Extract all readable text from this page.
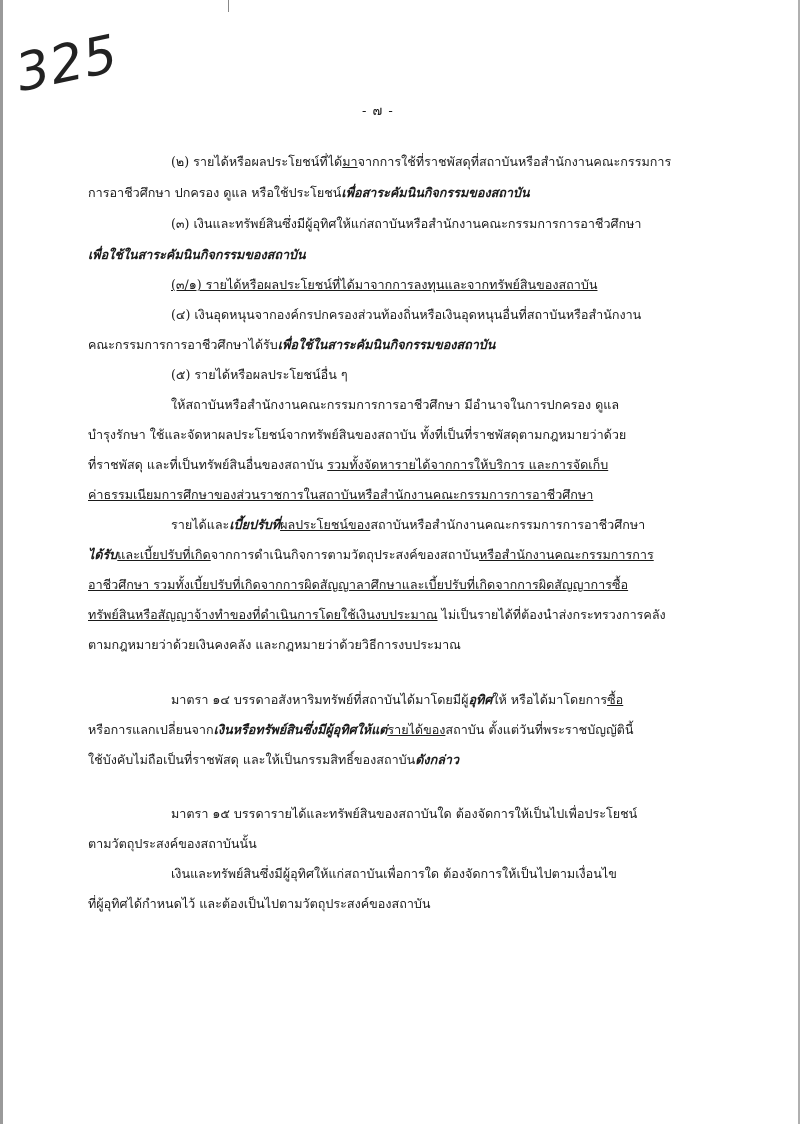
325
- ๗ -
(๒) รายได้หรือผลประโยชน์ที่ได้มาจากการใช้ที่ราชพัสดุที่สถาบันหรือสำนักงานคณะกรรมการ
การอาชีวศึกษา ปกครอง ดูแล หรือใช้ประโยชน์เพื่อสาระคัมนินกิจกรรมของสถาบัน
(๓) เงินและทรัพย์สินซึ่งมีผู้อุทิศให้แก่สถาบันหรือสำนักงานคณะกรรมการการอาชีวศึกษา
เพื่อใช้ในสาระคัมนินกิจกรรมของสถาบัน
(๓/๑) รายได้หรือผลประโยชน์ที่ได้มาจากการลงทุนและจากทรัพย์สินของสถาบัน
(๔) เงินอุดหนุนจากองค์กรปกครองส่วนท้องถิ่นหรือเงินอุดหนุนอื่นที่สถาบันหรือสำนักงาน
คณะกรรมการการอาชีวศึกษาได้รับเพื่อใช้ในสาระคัมนินกิจกรรมของสถาบัน
(๕) รายได้หรือผลประโยชน์อื่น ๆ
ให้สถาบันหรือสำนักงานคณะกรรมการการอาชีวศึกษา มีอำนาจในการปกครอง ดูแล
บำรุงรักษา ใช้และจัดหาผลประโยชน์จากทรัพย์สินของสถาบัน ทั้งที่เป็นที่ราชพัสดุตามกฎหมายว่าด้วย
ที่ราชพัสดุ และที่เป็นทรัพย์สินอื่นของสถาบัน รวมทั้งจัดหารายได้จากการให้บริการ และการจัดเก็บ
ค่าธรรมเนียมการศึกษาของส่วนราชการในสถาบันหรือสำนักงานคณะกรรมการการอาชีวศึกษา
รายได้และเบี้ยปรับที่ผลประโยชน์ของสถาบันหรือสำนักงานคณะกรรมการการอาชีวศึกษา
ได้รับและเบี้ยปรับที่เกิดจากการดำเนินกิจการตามวัตถุประสงค์ของสถาบันหรือสำนักงานคณะกรรมการการ
อาชีวศึกษา รวมทั้งเบี้ยปรับที่เกิดจากการผิดสัญญาลาศึกษาและเบี้ยปรับที่เกิดจากการผิดสัญญาการซื้อ
ทรัพย์สินหรือสัญญาจ้างทำของที่ดำเนินการโดยใช้เงินงบประมาณ ไม่เป็นรายได้ที่ต้องนำส่งกระทรวงการคลัง
ตามกฎหมายว่าด้วยเงินคงคลัง และกฎหมายว่าด้วยวิธีการงบประมาณ
มาตรา ๑๔ บรรดาอสังหาริมทรัพย์ที่สถาบันได้มาโดยมีผู้อุทิศให้ หรือได้มาโดยการซื้อ
หรือการแลกเปลี่ยนจากเงินหรือทรัพย์สินซึ่งมีผู้อุทิศให้แต่รายได้ของสถาบัน ตั้งแต่วันที่พระราชบัญญัตินี้
ใช้บังคับไม่ถือเป็นที่ราชพัสดุ และให้เป็นกรรมสิทธิ์ของสถาบันดังกล่าว
มาตรา ๑๕ บรรดารายได้และทรัพย์สินของสถาบันใด ต้องจัดการให้เป็นไปเพื่อประโยชน์
ตามวัตถุประสงค์ของสถาบันนั้น
เงินและทรัพย์สินซึ่งมีผู้อุทิศให้แก่สถาบันเพื่อการใด ต้องจัดการให้เป็นไปตามเงื่อนไข
ที่ผู้อุทิศได้กำหนดไว้ และต้องเป็นไปตามวัตถุประสงค์ของสถาบัน
